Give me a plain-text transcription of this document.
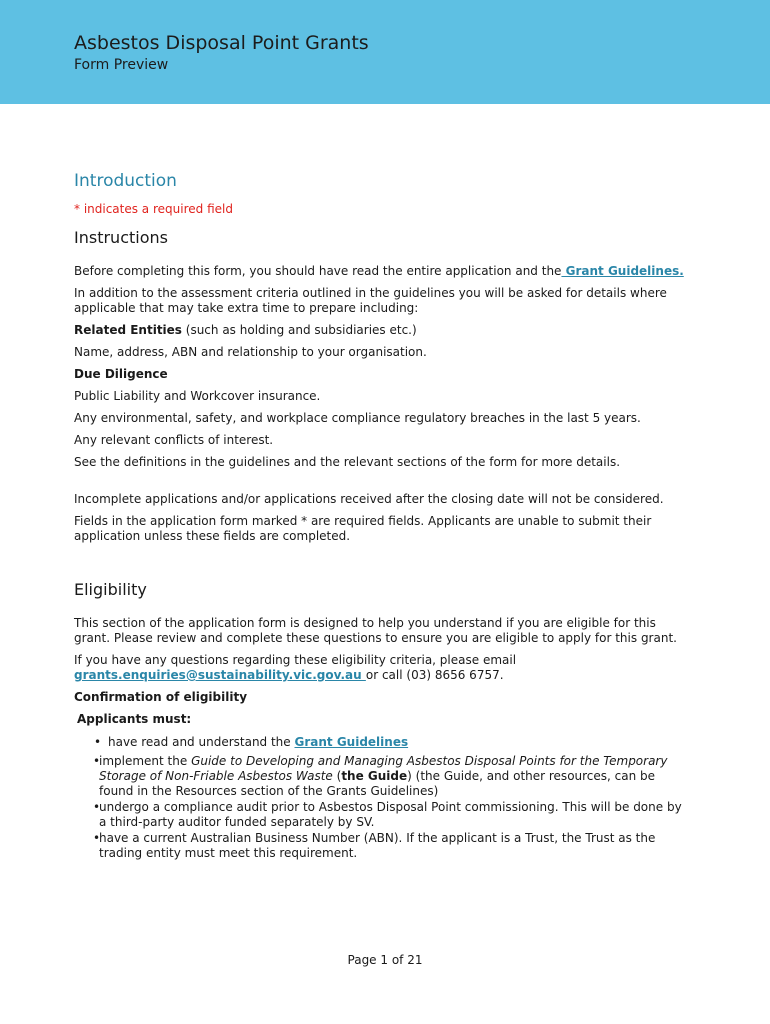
Asbestos Disposal Point Grants
Form Preview
Introduction
* indicates a required field
Instructions

Before completing this form, you should have read the entire application and the Grant Guidelines.

In addition to the assessment criteria outlined in the guidelines you will be asked for details where applicable that may take extra time to prepare including:

Related Entities (such as holding and subsidiaries etc.)

Name, address, ABN and relationship to your organisation.

Due Diligence

Public Liability and Workcover insurance.

Any environmental, safety, and workplace compliance regulatory breaches in the last 5 years.

Any relevant conflicts of interest.

See the definitions in the guidelines and the relevant sections of the form for more details.

Incomplete applications and/or applications received after the closing date will not be considered.

Fields in the application form marked * are required fields. Applicants are unable to submit their application unless these fields are completed.

Eligibility

This section of the application form is designed to help you understand if you are eligible for this grant. Please review and complete these questions to ensure you are eligible to apply for this grant.

If you have any questions regarding these eligibility criteria, please email
grants.enquiries@sustainability.vic.gov.au or call (03) 8656 6757.

Confirmation of eligibility

Applicants must:

• have read and understand the Grant Guidelines
•
implement the Guide to Developing and Managing Asbestos Disposal Points for the Temporary Storage of Non-Friable Asbestos Waste (the Guide) (the Guide, and other resources, can be found in the Resources section of the Grants Guidelines)
•
undergo a compliance audit prior to Asbestos Disposal Point commissioning. This will be done by a third-party auditor funded separately by SV.
•
have a current Australian Business Number (ABN). If the applicant is a Trust, the Trust as the trading entity must meet this requirement.
Page 1 of 21
